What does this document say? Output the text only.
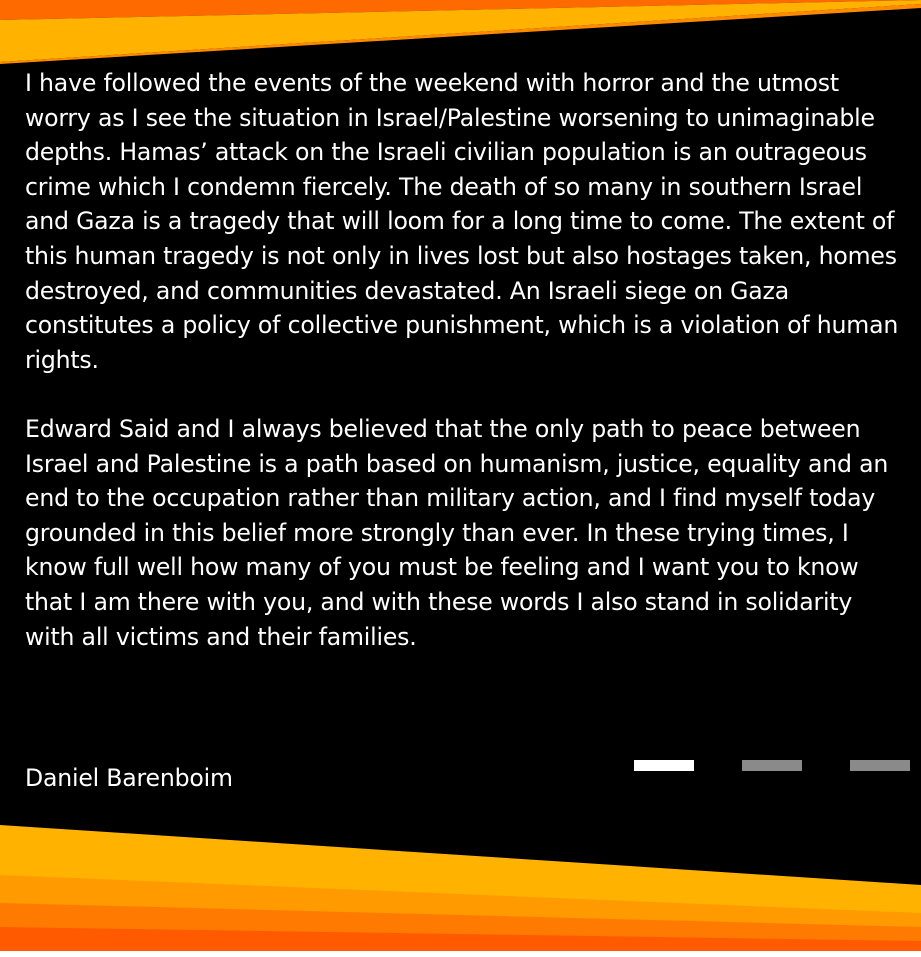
I have followed the events of the weekend with horror and the utmost worry as I see the situation in Israel/Palestine worsening to unimaginable depths. Hamas’ attack on the Israeli civilian population is an outrageous crime which I condemn fiercely. The death of so many in southern Israel and Gaza is a tragedy that will loom for a long time to come. The extent of this human tragedy is not only in lives lost but also hostages taken, homes destroyed, and communities devastated. An Israeli siege on Gaza constitutes a policy of collective punishment, which is a violation of human rights.

Edward Said and I always believed that the only path to peace between Israel and Palestine is a path based on humanism, justice, equality and an end to the occupation rather than military action, and I find myself today grounded in this belief more strongly than ever. In these trying times, I know full well how many of you must be feeling and I want you to know that I am there with you, and with these words I also stand in solidarity with all victims and their families.

Daniel Barenboim
